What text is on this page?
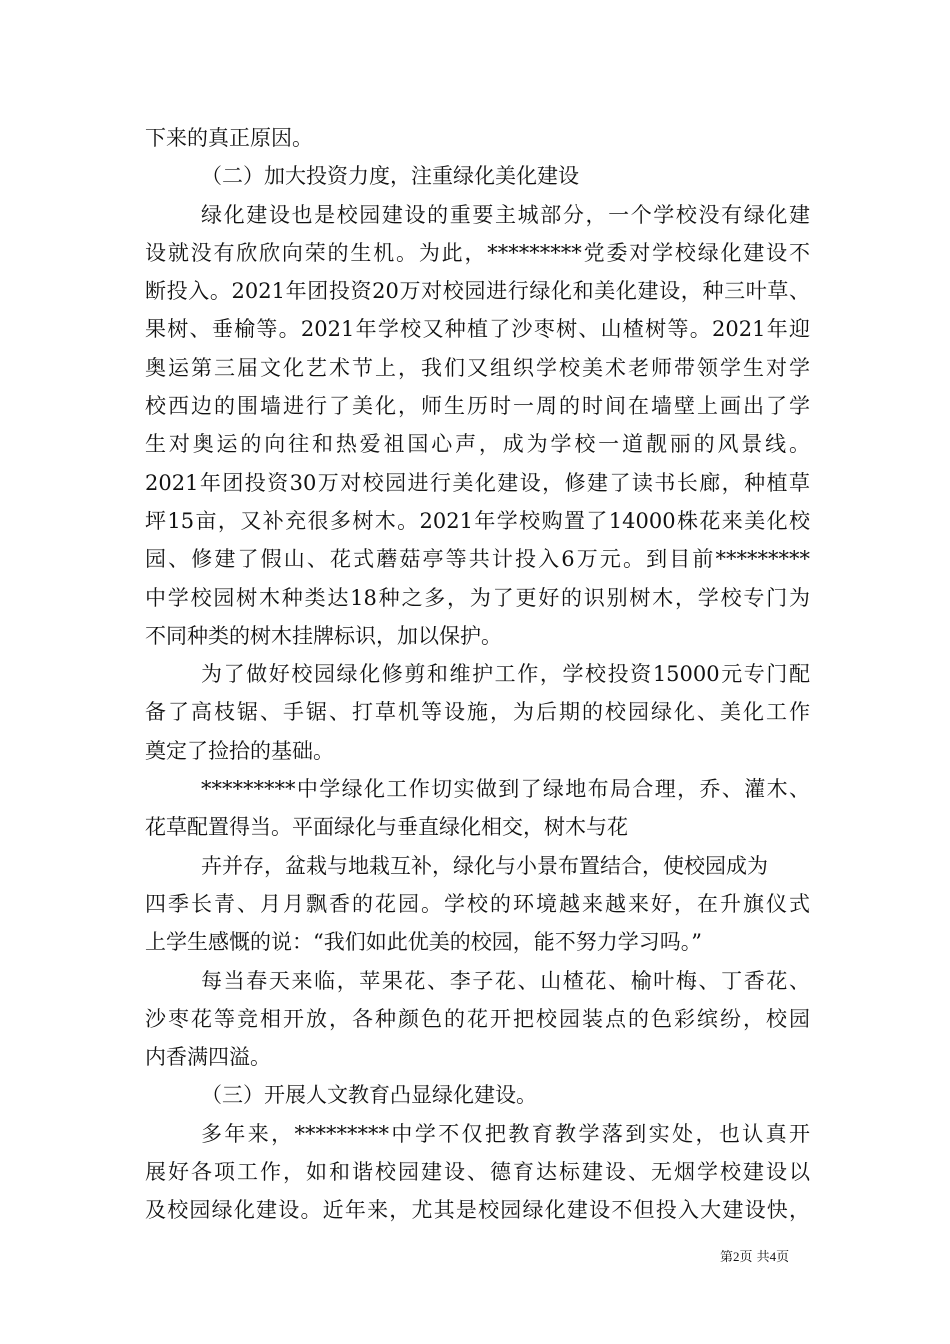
下来的真正原因。
（二）加大投资力度，注重绿化美化建设
绿化建设也是校园建设的重要主城部分，一个学校没有绿化建
设就没有欣欣向荣的生机。为此，*********党委对学校绿化建设不
断投入。2021年团投资20万对校园进行绿化和美化建设，种三叶草、
果树、垂榆等。2021年学校又种植了沙枣树、山楂树等。2021年迎
奥运第三届文化艺术节上，我们又组织学校美术老师带领学生对学
校西边的围墙进行了美化，师生历时一周的时间在墙壁上画出了学
生对奥运的向往和热爱祖国心声，成为学校一道靓丽的风景线。
2021年团投资30万对校园进行美化建设，修建了读书长廊，种植草
坪15亩，又补充很多树木。2021年学校购置了14000株花来美化校
园、修建了假山、花式蘑菇亭等共计投入6万元。到目前*********
中学校园树木种类达18种之多，为了更好的识别树木，学校专门为
不同种类的树木挂牌标识，加以保护。
为了做好校园绿化修剪和维护工作，学校投资15000元专门配
备了高枝锯、手锯、打草机等设施，为后期的校园绿化、美化工作
奠定了捡拾的基础。
*********中学绿化工作切实做到了绿地布局合理，乔、灌木、
花草配置得当。平面绿化与垂直绿化相交，树木与花
卉并存，盆栽与地栽互补，绿化与小景布置结合，使校园成为
四季长青、月月飘香的花园。学校的环境越来越来好，在升旗仪式
上学生感慨的说：“我们如此优美的校园，能不努力学习吗。”
每当春天来临，苹果花、李子花、山楂花、榆叶梅、丁香花、
沙枣花等竞相开放，各种颜色的花开把校园装点的色彩缤纷，校园
内香满四溢。
（三）开展人文教育凸显绿化建设。
多年来，*********中学不仅把教育教学落到实处，也认真开
展好各项工作，如和谐校园建设、德育达标建设、无烟学校建设以
及校园绿化建设。近年来，尤其是校园绿化建设不但投入大建设快，
第2页 共4页
